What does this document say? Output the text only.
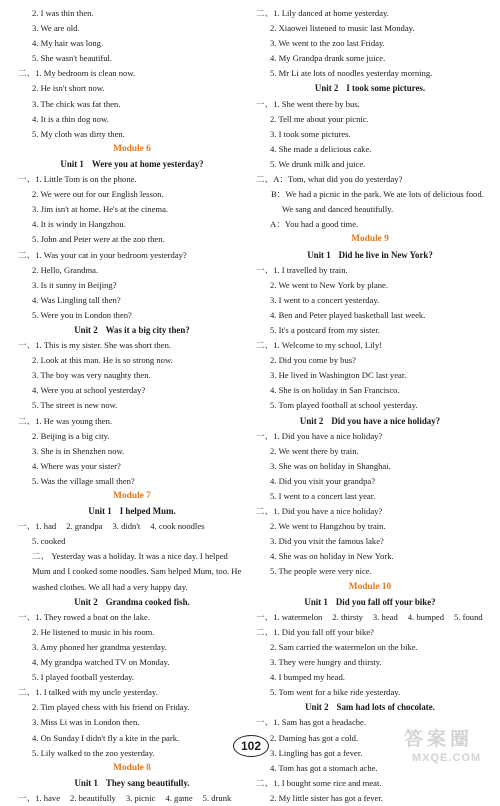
2. I was thin then.
3. We are old.
4. My hair was long.
5. She wasn't beautiful.
二、1. My bedroom is clean now.
2. He isn't short now.
3. The chick was fat then.
4. It is a thin dog now.
5. My cloth was dirty then.
Module 6
Unit 1 Were you at home yesterday?
一、1. Little Tom is on the phone.
2. We were out for our English lesson.
3. Jim isn't at home. He's at the cinema.
4. It is windy in Hangzhou.
5. John and Peter were at the zoo then.
二、1. Was your cat in your bedroom yesterday?
2. Hello, Grandma.
3. Is it sunny in Beijing?
4. Was Lingling tall then?
5. Were you in London then?
Unit 2 Was it a big city then?
一、1. This is my sister. She was short then.
2. Look at this man. He is so strong now.
3. The boy was very naughty then.
4. Were you at school yesterday?
5. The street is new now.
二、1. He was young then.
2. Beijing is a big city.
3. She is in Shenzhen now.
4. Where was your sister?
5. Was the village small then?
Module 7
Unit 1 I helped Mum.
一、1. had 2. grandpa 3. didn't 4. cook noodles
5. cooked
二、 Yesterday was a holiday. It was a nice day. I helped Mum and I cooked some noodles. Sam helped Mum, too. He washed clothes. We all had a very happy day.
Unit 2 Grandma cooked fish.
一、1. They rowed a boat on the lake.
2. He listened to music in his room.
3. Amy phoned her grandma yesterday.
4. My grandpa watched TV on Monday.
5. I played football yesterday.
二、1. I talked with my uncle yesterday.
2. Tim played chess with his friend on Friday.
3. Miss Li was in London then.
4. On Sunday I didn't fly a kite in the park.
5. Lily walked to the zoo yesterday.
Module 8
Unit 1 They sang beautifully.
一、1. have 2. beautifully 3. picnic 4. game 5. drunk
二、1. Lily danced at home yesterday.
2. Xiaowei listened to music last Monday.
3. We went to the zoo last Friday.
4. My Grandpa drank some juice.
5. Mr Li ate lots of noodles yesterday morning.
Unit 2 I took some pictures.
一、1. She went there by bus.
2. Tell me about your picnic.
3. I took some pictures.
4. She made a delicious cake.
5. We drunk milk and juice.
二、A：Tom, what did you do yesterday?
B：We had a picnic in the park. We ate lots of delicious food. We sang and danced beautifully.
A：You had a good time.
Module 9
Unit 1 Did he live in New York?
一、1. I travelled by train.
2. We went to New York by plane.
3. I went to a concert yesterday.
4. Ben and Peter played basketball last week.
5. It's a postcard from my sister.
二、1. Welcome to my school, Lily!
2. Did you come by bus?
3. He lived in Washington DC last year.
4. She is on holiday in San Francisco.
5. Tom played football at school yesterday.
Unit 2 Did you have a nice holiday?
一、1. Did you have a nice holiday?
2. We went there by train.
3. She was on holiday in Shanghai.
4. Did you visit your grandpa?
5. I went to a concert last year.
二、1. Did you have a nice holiday?
2. We went to Hangzhou by train.
3. Did you visit the famous lake?
4. She was on holiday in New York.
5. The people were very nice.
Module 10
Unit 1 Did you fall off your bike?
一、1. watermelon 2. thirsty 3. head 4. bumped 5. found
二、1. Did you fall off your bike?
2. Sam carried the watermelon on the bike.
3. They were hungry and thirsty.
4. I bumped my head.
5. Tom went for a bike ride yesterday.
Unit 2 Sam had lots of chocolate.
一、1. Sam has got a headache.
2. Daming has got a cold.
3. Lingling has got a fever.
4. Tom has got a stomach ache.
二、1. I bought some rice and meat.
2. My little sister has got a fever.
102	答案圈
MXQE.COM
